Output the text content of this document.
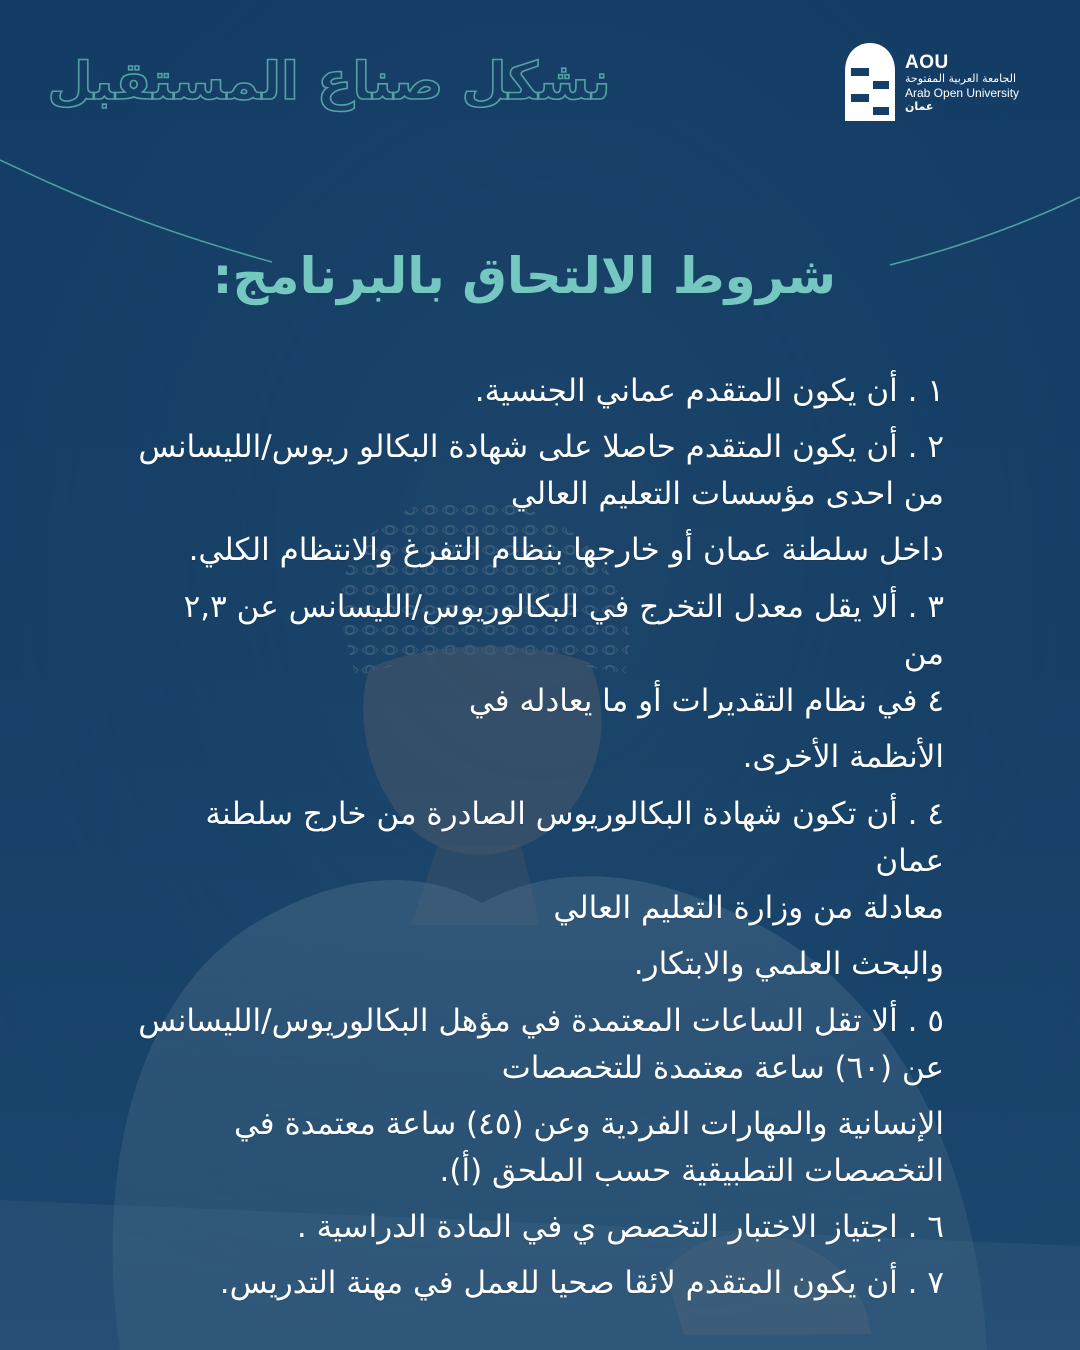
نشكل صناع المستقبل	AOU
الجامعة العربية المفتوحة
Arab Open University
عمان
شروط الالتحاق بالبرنامج:

١ . أن يكون المتقدم عماني الجنسية.

٢ . أن يكون المتقدم حاصلا على شهادة البكالو ريوس/الليسانس

من احدى مؤسسات التعليم العالي

داخل سلطنة عمان أو خارجها بنظام التفرغ والانتظام الكلي.

٣ . ألا يقل معدل التخرج في البكالوريوس/الليسانس عن ٢,٣ من

٤ في نظام التقديرات أو ما يعادله في

الأنظمة الأخرى.

٤ . أن تكون شهادة البكالوريوس الصادرة من خارج سلطنة عمان

معادلة من وزارة التعليم العالي

والبحث العلمي والابتكار.

٥ . ألا تقل الساعات المعتمدة في مؤهل البكالوريوس/الليسانس

عن (٦٠) ساعة معتمدة للتخصصات

الإنسانية والمهارات الفردية وعن (٤٥) ساعة معتمدة في

التخصصات التطبيقية حسب الملحق (أ).

٦ . اجتياز الاختبار التخصص ي في المادة الدراسية .

٧ . أن يكون المتقدم لائقا صحيا للعمل في مهنة التدريس.
